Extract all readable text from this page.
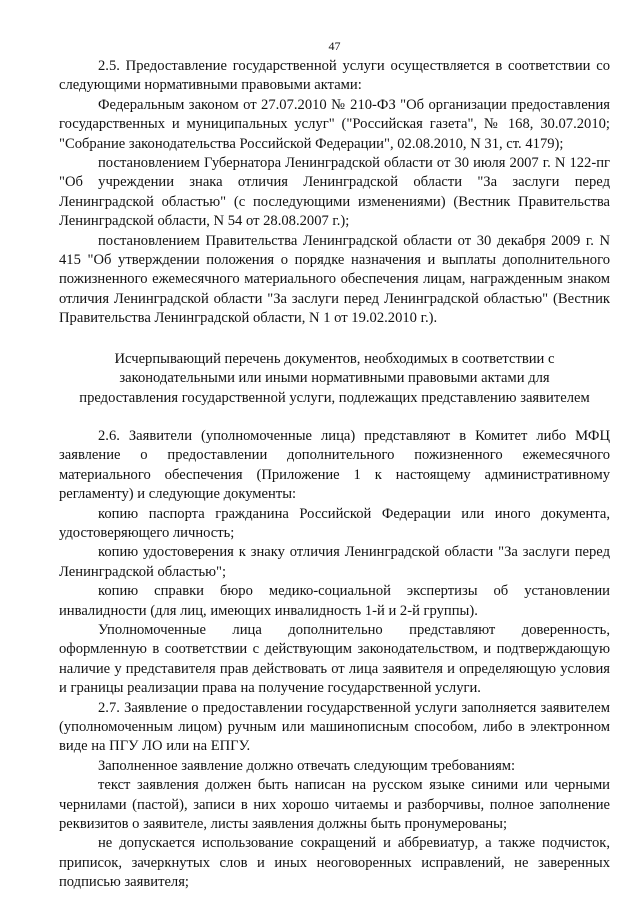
47

2.5. Предоставление государственной услуги осуществляется в соответствии со следующими нормативными правовыми актами:

Федеральным законом от 27.07.2010 № 210-ФЗ "Об организации предоставления государственных и муниципальных услуг" ("Российская газета", № 168, 30.07.2010; "Собрание законодательства Российской Федерации", 02.08.2010, N 31, ст. 4179);

постановлением Губернатора Ленинградской области от 30 июля 2007 г. N 122-пг "Об учреждении знака отличия Ленинградской области "За заслуги перед Ленинградской областью" (с последующими изменениями) (Вестник Правительства Ленинградской области, N 54 от 28.08.2007 г.);

постановлением Правительства Ленинградской области от 30 декабря 2009 г. N 415 "Об утверждении положения о порядке назначения и выплаты дополнительного пожизненного ежемесячного материального обеспечения лицам, награжденным знаком отличия Ленинградской области "За заслуги перед Ленинградской областью" (Вестник Правительства Ленинградской области, N 1 от 19.02.2010 г.).

Исчерпывающий перечень документов, необходимых в соответствии с законодательными или иными нормативными правовыми актами для предоставления государственной услуги, подлежащих представлению заявителем

2.6. Заявители (уполномоченные лица) представляют в Комитет либо МФЦ заявление о предоставлении дополнительного пожизненного ежемесячного материального обеспечения (Приложение 1 к настоящему административному регламенту) и следующие документы:

копию паспорта гражданина Российской Федерации или иного документа, удостоверяющего личность;

копию удостоверения к знаку отличия Ленинградской области "За заслуги перед Ленинградской областью";

копию справки бюро медико-социальной экспертизы об установлении инвалидности (для лиц, имеющих инвалидность 1-й и 2-й группы).

Уполномоченные лица дополнительно представляют доверенность, оформленную в соответствии с действующим законодательством, и подтверждающую наличие у представителя прав действовать от лица заявителя и определяющую условия и границы реализации права на получение государственной услуги.

2.7. Заявление о предоставлении государственной услуги заполняется заявителем (уполномоченным лицом) ручным или машинописным способом, либо в электронном виде на ПГУ ЛО или на ЕПГУ.

Заполненное заявление должно отвечать следующим требованиям:

текст заявления должен быть написан на русском языке синими или черными чернилами (пастой), записи в них хорошо читаемы и разборчивы, полное заполнение реквизитов о заявителе, листы заявления должны быть пронумерованы;

не допускается использование сокращений и аббревиатур, а также подчисток, приписок, зачеркнутых слов и иных неоговоренных исправлений, не заверенных подписью заявителя;
